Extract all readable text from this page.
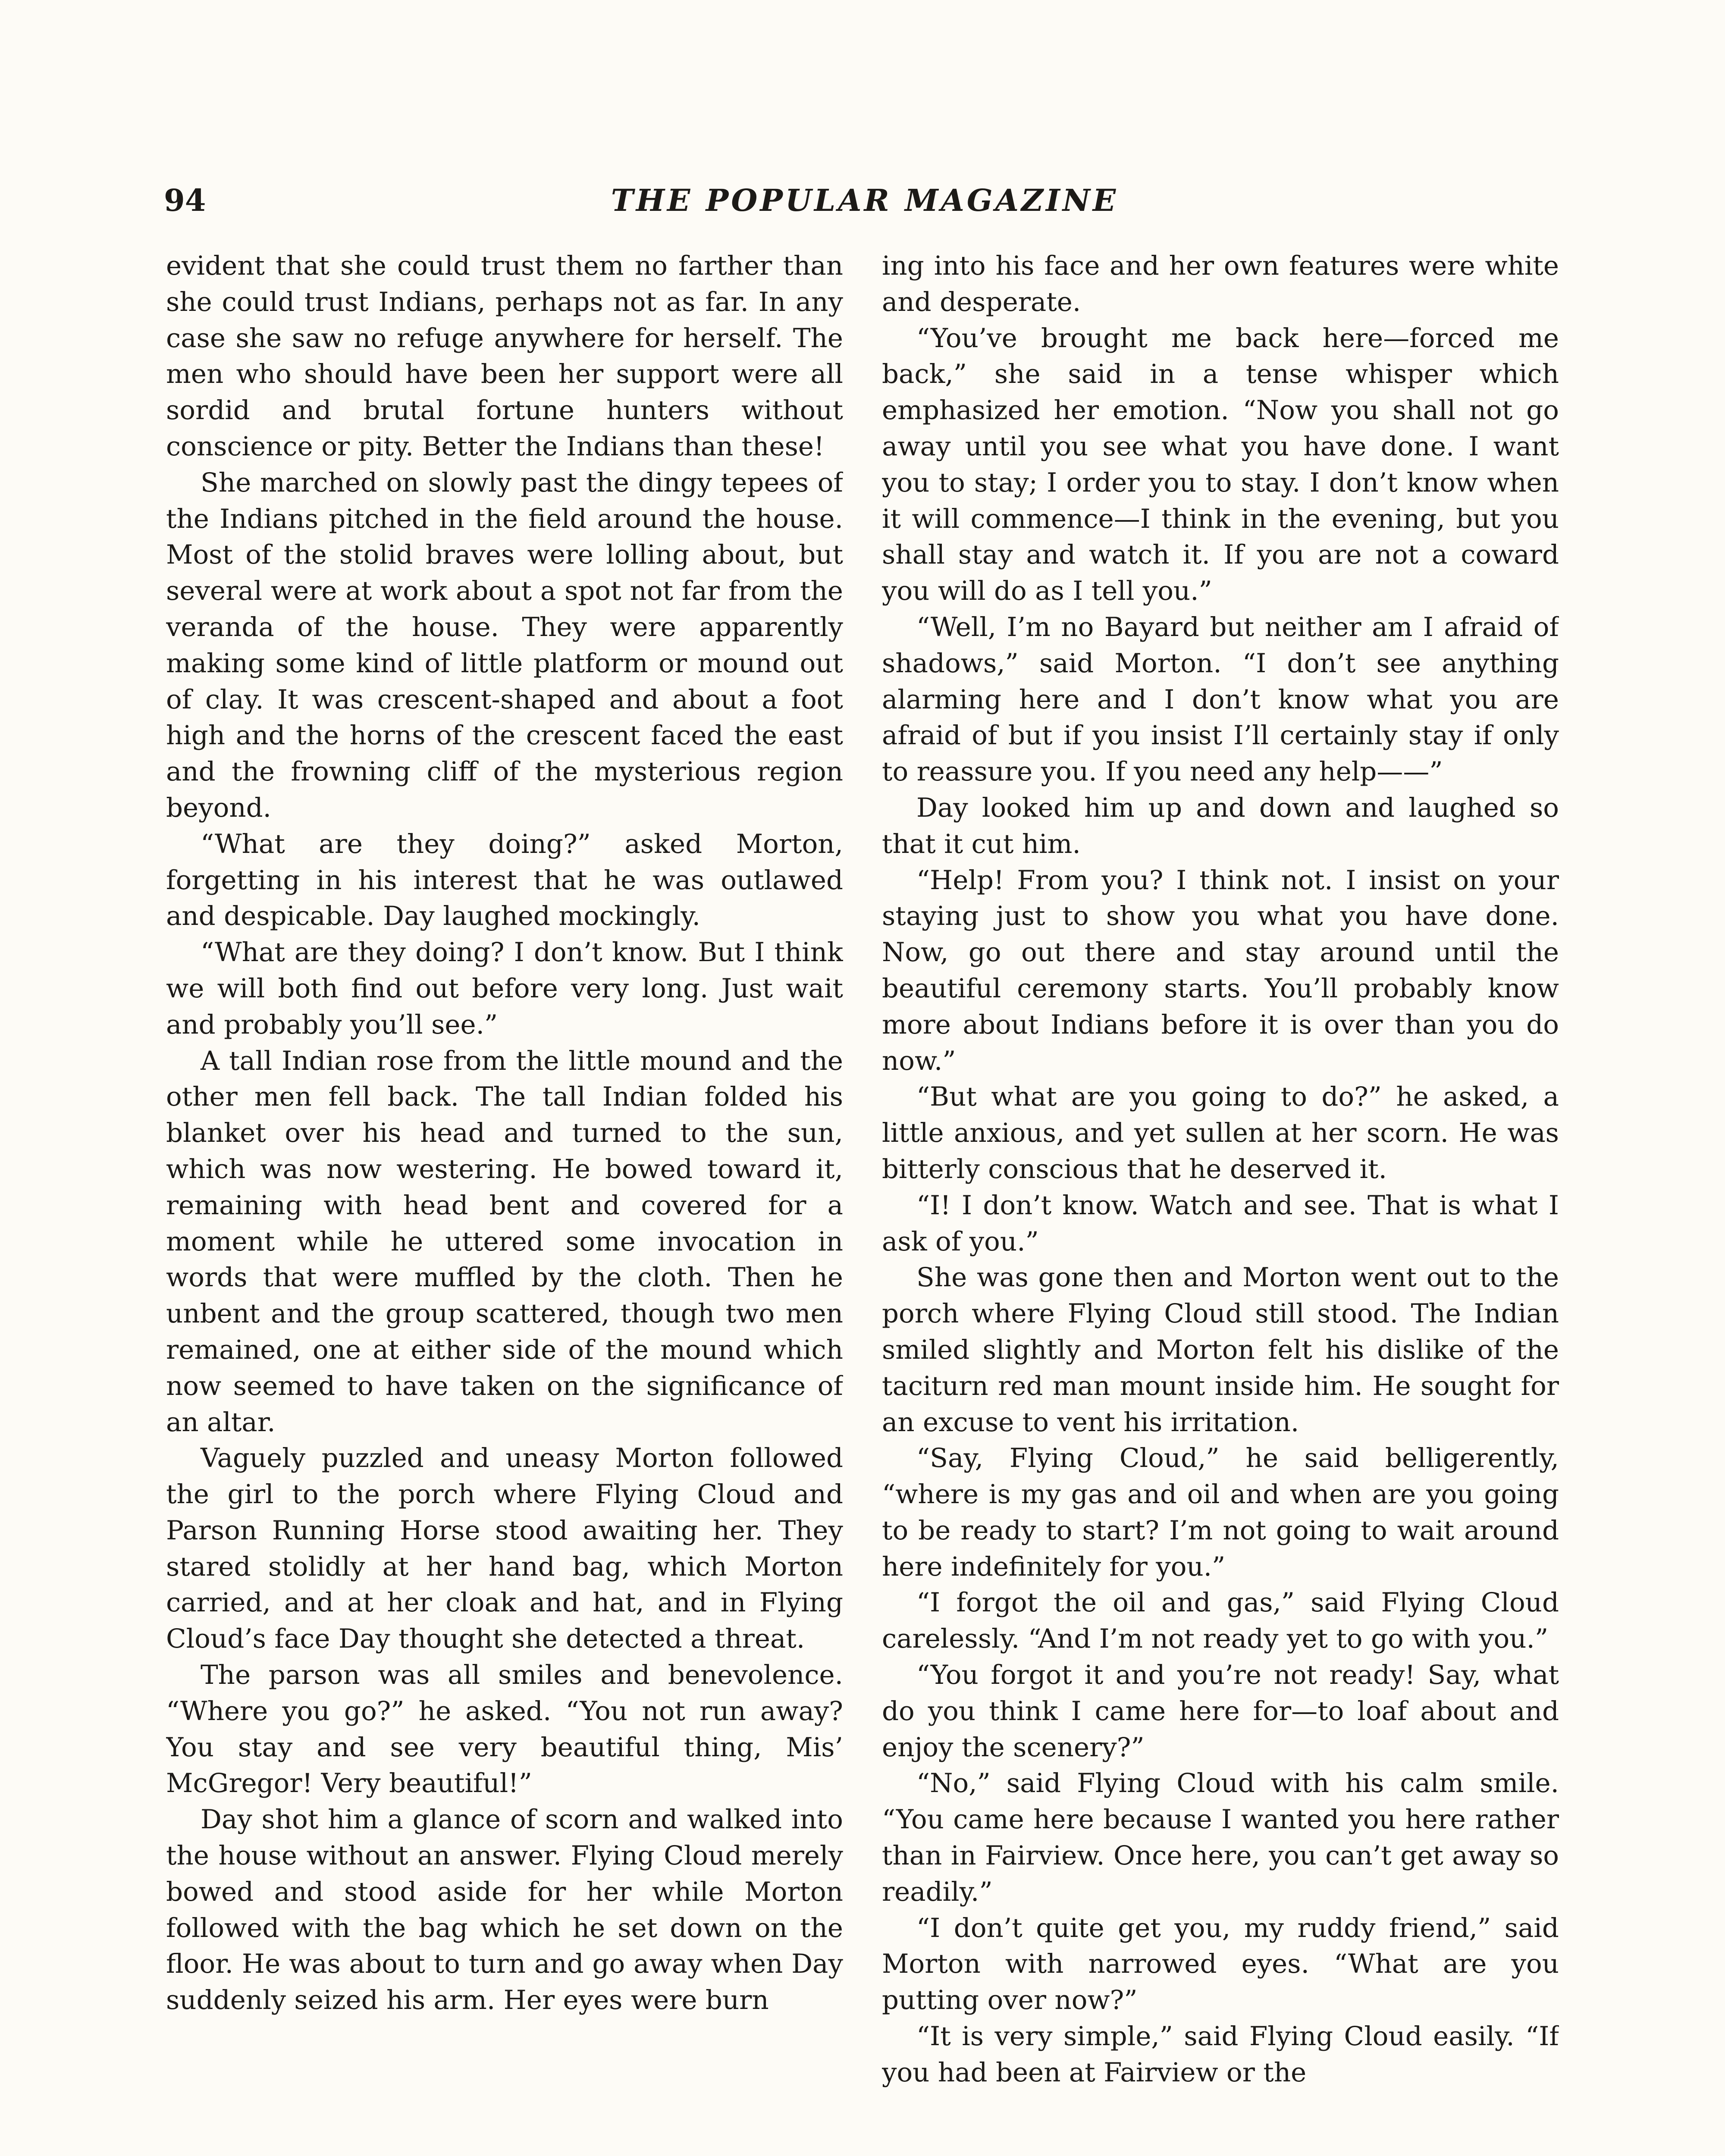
94	THE POPULAR MAGAZINE

evident that she could trust them no farther than she could trust Indians, perhaps not as far. In any case she saw no refuge anywhere for herself. The men who should have been her support were all sordid and brutal fortune hunters without conscience or pity. Better the Indians than these!

She marched on slowly past the dingy tepees of the Indians pitched in the field around the house. Most of the stolid braves were lolling about, but several were at work about a spot not far from the veranda of the house. They were apparently making some kind of little platform or mound out of clay. It was crescent-shaped and about a foot high and the horns of the crescent faced the east and the frowning cliff of the mysterious region beyond.

“What are they doing?” asked Morton, forgetting in his interest that he was outlawed and despicable. Day laughed mockingly.

“What are they doing? I don’t know. But I think we will both find out before very long. Just wait and probably you’ll see.”

A tall Indian rose from the little mound and the other men fell back. The tall Indian folded his blanket over his head and turned to the sun, which was now westering. He bowed toward it, remaining with head bent and covered for a moment while he uttered some invocation in words that were muffled by the cloth. Then he unbent and the group scattered, though two men remained, one at either side of the mound which now seemed to have taken on the significance of an altar.

Vaguely puzzled and uneasy Morton followed the girl to the porch where Flying Cloud and Parson Running Horse stood awaiting her. They stared stolidly at her hand bag, which Morton carried, and at her cloak and hat, and in Flying Cloud’s face Day thought she detected a threat.

The parson was all smiles and benevolence. “Where you go?” he asked. “You not run away? You stay and see very beautiful thing, Mis’ McGregor! Very beautiful!”

Day shot him a glance of scorn and walked into the house without an answer. Flying Cloud merely bowed and stood aside for her while Morton followed with the bag which he set down on the floor. He was about to turn and go away when Day suddenly seized his arm. Her eyes were burn

ing into his face and her own features were white and desperate.

“You’ve brought me back here—forced me back,” she said in a tense whisper which emphasized her emotion. “Now you shall not go away until you see what you have done. I want you to stay; I order you to stay. I don’t know when it will commence—I think in the evening, but you shall stay and watch it. If you are not a coward you will do as I tell you.”

“Well, I’m no Bayard but neither am I afraid of shadows,” said Morton. “I don’t see anything alarming here and I don’t know what you are afraid of but if you insist I’ll certainly stay if only to reassure you. If you need any help——”

Day looked him up and down and laughed so that it cut him.

“Help! From you? I think not. I insist on your staying just to show you what you have done. Now, go out there and stay around until the beautiful ceremony starts. You’ll probably know more about Indians before it is over than you do now.”

“But what are you going to do?” he asked, a little anxious, and yet sullen at her scorn. He was bitterly conscious that he deserved it.

“I! I don’t know. Watch and see. That is what I ask of you.”

She was gone then and Morton went out to the porch where Flying Cloud still stood. The Indian smiled slightly and Morton felt his dislike of the taciturn red man mount inside him. He sought for an excuse to vent his irritation.

“Say, Flying Cloud,” he said belligerently, “where is my gas and oil and when are you going to be ready to start? I’m not going to wait around here indefinitely for you.”

“I forgot the oil and gas,” said Flying Cloud carelessly. “And I’m not ready yet to go with you.”

“You forgot it and you’re not ready! Say, what do you think I came here for—to loaf about and enjoy the scenery?”

“No,” said Flying Cloud with his calm smile. “You came here because I wanted you here rather than in Fairview. Once here, you can’t get away so readily.”

“I don’t quite get you, my ruddy friend,” said Morton with narrowed eyes. “What are you putting over now?”

“It is very simple,” said Flying Cloud easily. “If you had been at Fairview or the
